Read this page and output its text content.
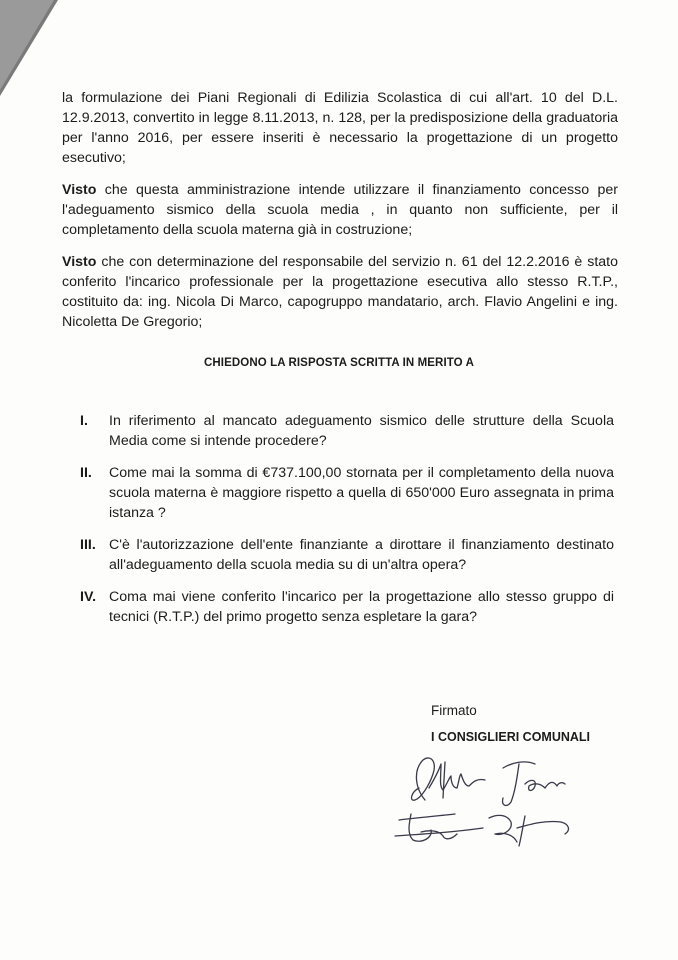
la formulazione dei Piani Regionali di Edilizia Scolastica di cui all'art. 10 del D.L. 12.9.2013, convertito in legge 8.11.2013, n. 128, per la predisposizione della graduatoria per l'anno 2016, per essere inseriti è necessario la progettazione di un progetto esecutivo;

Visto che questa amministrazione intende utilizzare il finanziamento concesso per l'adeguamento sismico della scuola media , in quanto non sufficiente, per il completamento della scuola materna già in costruzione;

Visto che con determinazione del responsabile del servizio n. 61 del 12.2.2016 è stato conferito l'incarico professionale per la progettazione esecutiva allo stesso R.T.P., costituito da: ing. Nicola Di Marco, capogruppo mandatario, arch. Flavio Angelini e ing. Nicoletta De Gregorio;

CHIEDONO LA RISPOSTA SCRITTA IN MERITO A
I.	In riferimento al mancato adeguamento sismico delle strutture della Scuola Media come si intende procedere?
II.	Come mai la somma di €737.100,00 stornata per il completamento della nuova scuola materna è maggiore rispetto a quella di 650'000 Euro assegnata in prima istanza ?
III. C'è l'autorizzazione dell'ente finanziante a dirottare il finanziamento destinato all'adeguamento della scuola media su di un'altra opera?
IV. Coma mai viene conferito l'incarico per la progettazione allo stesso gruppo di tecnici (R.T.P.) del primo progetto senza espletare la gara?
Firmato
I CONSIGLIERI COMUNALI
